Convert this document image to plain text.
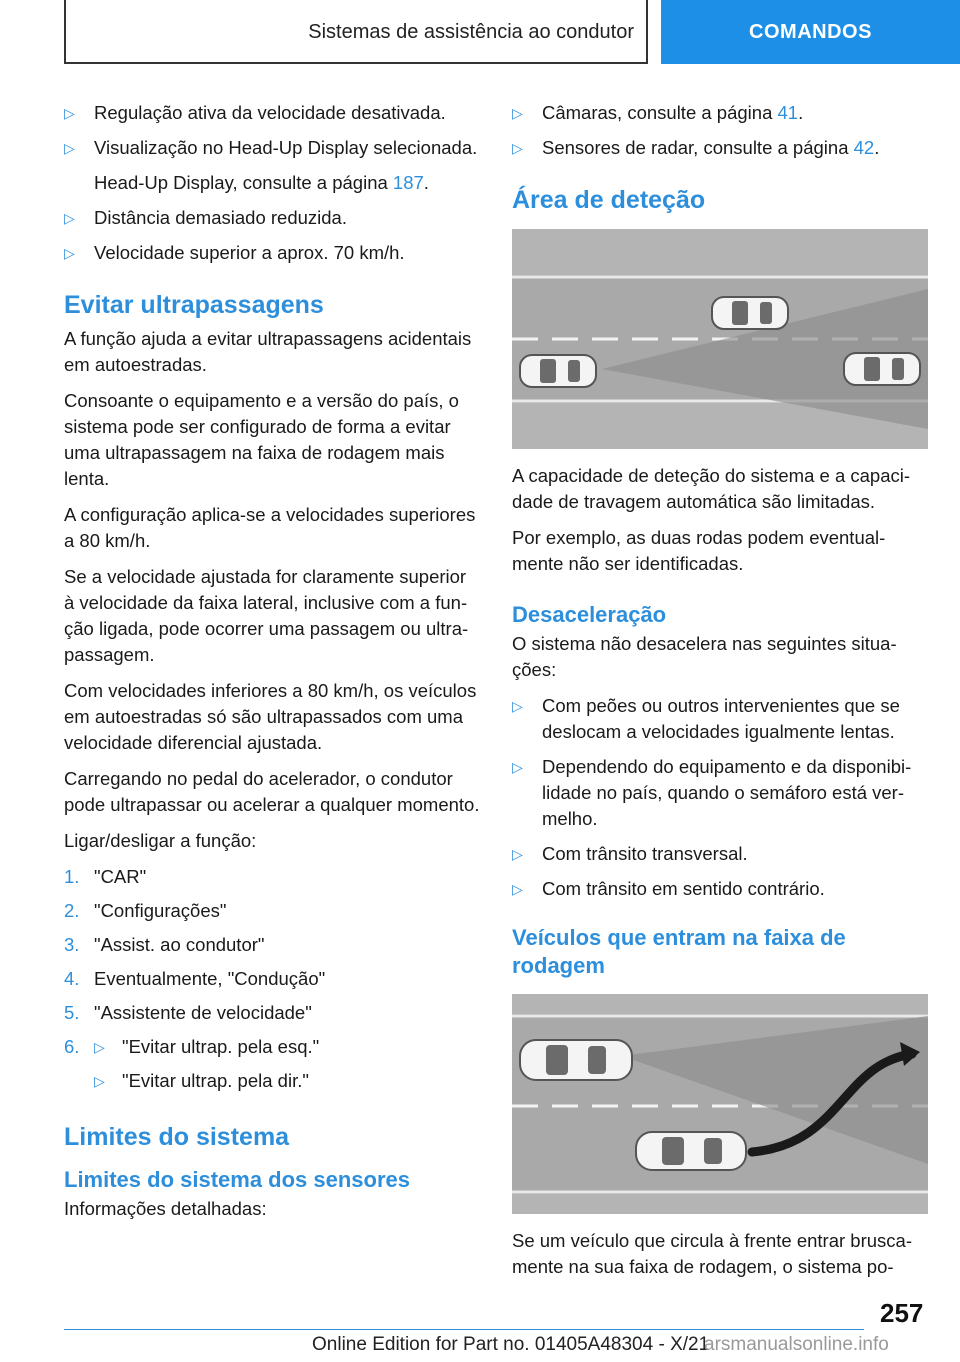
Sistemas de assistência ao condutor	COMANDOS
▷	Regulação ativa da velocidade desativada.
▷	Visualização no Head-Up Display selecionada.
Head-Up Display, consulte a página 187.
▷	Distância demasiado reduzida.
▷	Velocidade superior a aprox. 70 km/h.
Evitar ultrapassagens

A função ajuda a evitar ultrapassagens acidentais em autoestradas.

Consoante o equipamento e a versão do país, o sistema pode ser configurado de forma a evitar uma ultrapassagem na faixa de rodagem mais lenta.

A configuração aplica-se a velocidades superiores a 80 km/h.

Se a velocidade ajustada for claramente superior à velocidade da faixa lateral, inclusive com a função ligada, pode ocorrer uma passagem ou ultrapassagem.

Com velocidades inferiores a 80 km/h, os veículos em autoestradas só são ultrapassados com uma velocidade diferencial ajustada.

Carregando no pedal do acelerador, o condutor pode ultrapassar ou acelerar a qualquer momento.

Ligar/desligar a função:

1. "CAR"
2. "Configurações"
3. "Assist. ao condutor"
4. Eventualmente, "Condução"
5. "Assistente de velocidade"
6.	▷ "Evitar ultrap. pela esq."
▷ "Evitar ultrap. pela dir."
Limites do sistema
Limites do sistema dos sensores

Informações detalhadas:

▷	Câmaras, consulte a página 41.
▷	Sensores de radar, consulte a página 42.
Área de deteção

A capacidade de deteção do sistema e a capacidade de travagem automática são limitadas.

Por exemplo, as duas rodas podem eventualmente não ser identificadas.

Desaceleração

O sistema não desacelera nas seguintes situações:

▷	Com peões ou outros intervenientes que se deslocam a velocidades igualmente lentas.
▷	Dependendo do equipamento e da disponibilidade no país, quando o semáforo está vermelho.
▷	Com trânsito transversal.
▷	Com trânsito em sentido contrário.
Veículos que entram na faixa de rodagem

Se um veículo que circula à frente entrar bruscamente na sua faixa de rodagem, o sistema po-

257
Online Edition for Part no. 01405A48304 - X/21
arsmanualsonline.info
